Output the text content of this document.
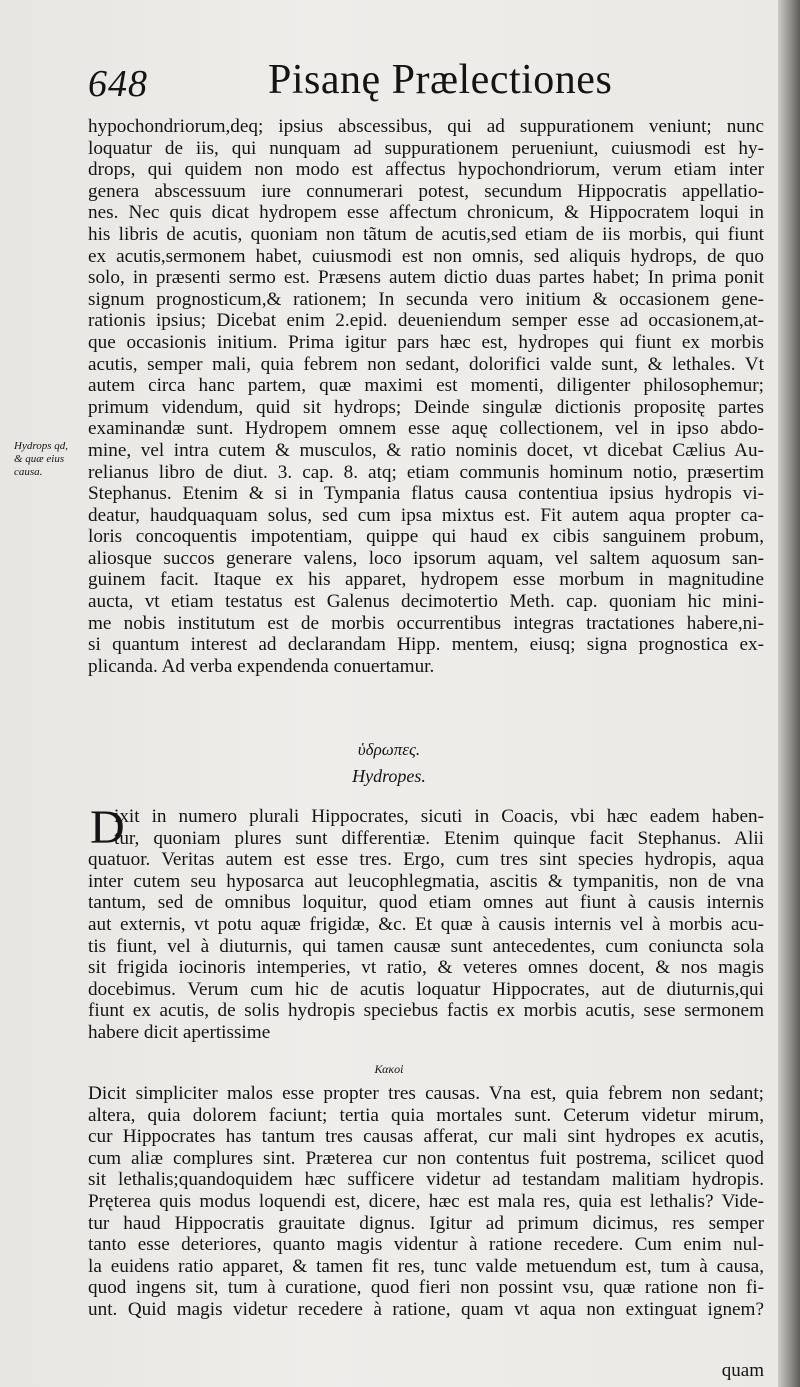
648	Pisanę Prælectiones
Hydrops qd,
& quæ eius
causa.
hypochondriorum,deq; ipsius abscessibus, qui ad suppurationem veniunt; nunc
loquatur de iis, qui nunquam ad suppurationem perueniunt, cuiusmodi est hy-
drops, qui quidem non modo est affectus hypochondriorum, verum etiam inter
genera abscessuum iure connumerari potest, secundum Hippocratis appellatio-
nes. Nec quis dicat hydropem esse affectum chronicum, & Hippocratem loqui in
his libris de acutis, quoniam non tãtum de acutis,sed etiam de iis morbis, qui fiunt
ex acutis,sermonem habet, cuiusmodi est non omnis, sed aliquis hydrops, de quo
solo, in præsenti sermo est. Præsens autem dictio duas partes habet; In prima ponit
signum prognosticum,& rationem; In secunda vero initium & occasionem gene-
rationis ipsius; Dicebat enim 2.epid. deueniendum semper esse ad occasionem,at-
que occasionis initium. Prima igitur pars hæc est, hydropes qui fiunt ex morbis
acutis, semper mali, quia febrem non sedant, dolorifici valde sunt, & lethales. Vt
autem circa hanc partem, quæ maximi est momenti, diligenter philosophemur;
primum videndum, quid sit hydrops; Deinde singulæ dictionis propositę partes
examinandæ sunt. Hydropem omnem esse aquę collectionem, vel in ipso abdo-
mine, vel intra cutem & musculos, & ratio nominis docet, vt dicebat Cælius Au-
relianus libro de diut. 3. cap. 8. atq; etiam communis hominum notio, præsertim
Stephanus. Etenim & si in Tympania flatus causa contentiua ipsius hydropis vi-
deatur, haudquaquam solus, sed cum ipsa mixtus est. Fit autem aqua propter ca-
loris concoquentis impotentiam, quippe qui haud ex cibis sanguinem probum,
aliosque succos generare valens, loco ipsorum aquam, vel saltem aquosum san-
guinem facit. Itaque ex his apparet, hydropem esse morbum in magnitudine
aucta, vt etiam testatus est Galenus decimotertio Meth. cap. quoniam hic mini-
me nobis institutum est de morbis occurrentibus integras tractationes habere,ni-
si quantum interest ad declarandam Hipp. mentem, eiusq; signa prognostica ex-
plicanda. Ad verba expendenda conuertamur.
ὑδρωπες.
Hydropes.
D
ixit in numero plurali Hippocrates, sicuti in Coacis, vbi hæc eadem haben-
tur, quoniam plures sunt differentiæ. Etenim quinque facit Stephanus. Alii
quatuor. Veritas autem est esse tres. Ergo, cum tres sint species hydropis, aqua
inter cutem seu hyposarca aut leucophlegmatia, ascitis & tympanitis, non de vna
tantum, sed de omnibus loquitur, quod etiam omnes aut fiunt à causis internis
aut externis, vt potu aquæ frigidæ, &c. Et quæ à causis internis vel à morbis acu-
tis fiunt, vel à diuturnis, qui tamen causæ sunt antecedentes, cum coniuncta sola
sit frigida iocinoris intemperies, vt ratio, & veteres omnes docent, & nos magis
docebimus. Verum cum hic de acutis loquatur Hippocrates, aut de diuturnis,qui
fiunt ex acutis, de solis hydropis speciebus factis ex morbis acutis, sese sermonem
habere dicit apertissime
Κακοὶ
Dicit simpliciter malos esse propter tres causas. Vna est, quia febrem non sedant;
altera, quia dolorem faciunt; tertia quia mortales sunt. Ceterum videtur mirum,
cur Hippocrates has tantum tres causas afferat, cur mali sint hydropes ex acutis,
cum aliæ complures sint. Præterea cur non contentus fuit postrema, scilicet quod
sit lethalis;quandoquidem hæc sufficere videtur ad testandam malitiam hydropis.
Pręterea quis modus loquendi est, dicere, hæc est mala res, quia est lethalis? Vide-
tur haud Hippocratis grauitate dignus. Igitur ad primum dicimus, res semper
tanto esse deteriores, quanto magis videntur à ratione recedere. Cum enim nul-
la euidens ratio apparet, & tamen fit res, tunc valde metuendum est, tum à causa,
quod ingens sit, tum à curatione, quod fieri non possint vsu, quæ ratione non fi-
unt. Quid magis videtur recedere à ratione, quam vt aqua non extinguat ignem?
quam
